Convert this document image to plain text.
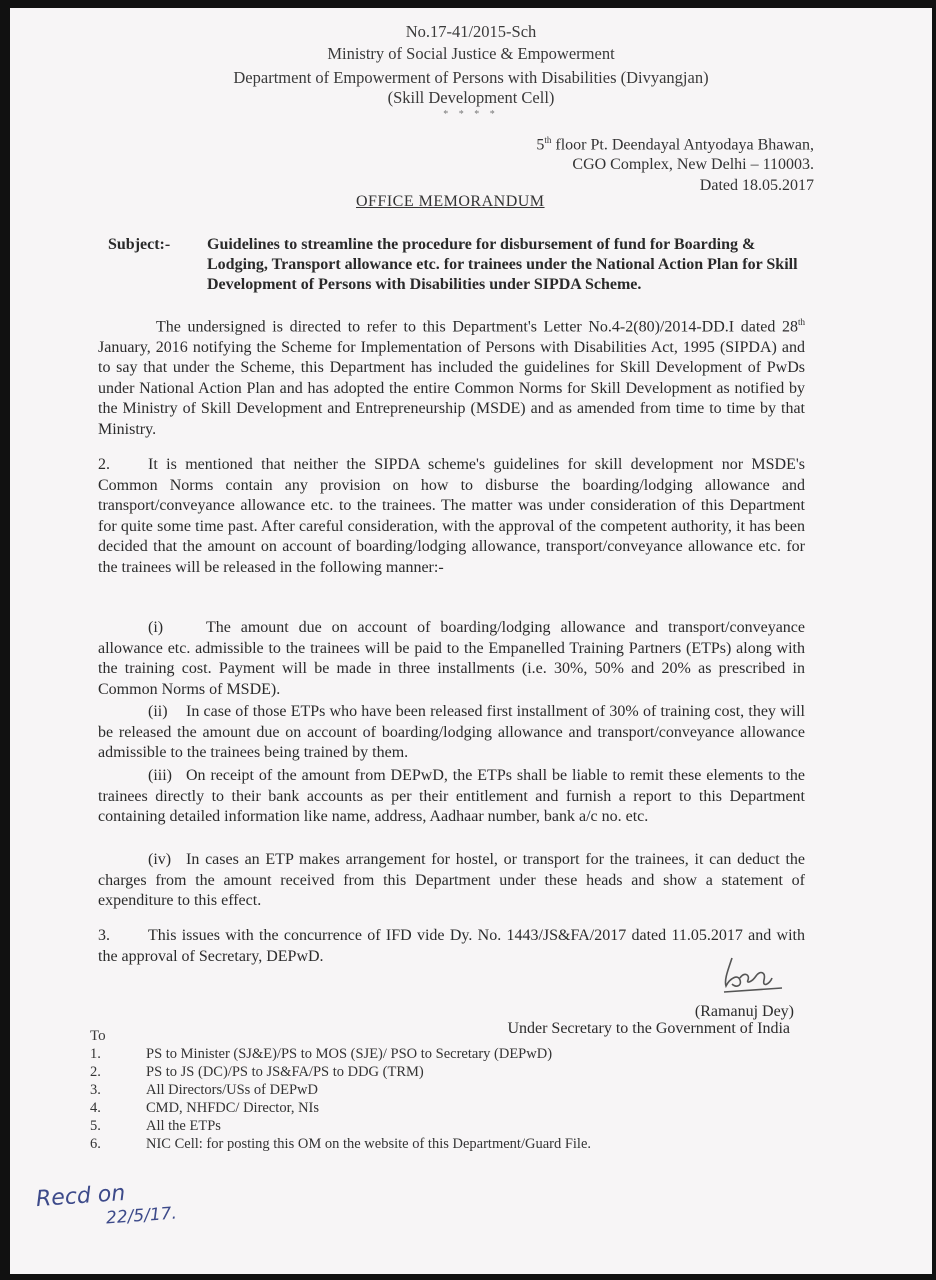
No.17-41/2015-Sch
Ministry of Social Justice & Empowerment
Department of Empowerment of Persons with Disabilities (Divyangjan)
(Skill Development Cell)
* * * *
5th floor Pt. Deendayal Antyodaya Bhawan,
CGO Complex, New Delhi – 110003.
Dated 18.05.2017
OFFICE MEMORANDUM
Subject:-	Guidelines to streamline the procedure for disbursement of fund for Boarding & Lodging, Transport allowance etc. for trainees under the National Action Plan for Skill Development of Persons with Disabilities under SIPDA Scheme.
The undersigned is directed to refer to this Department's Letter No.4-2(80)/2014-DD.I dated 28th January, 2016 notifying the Scheme for Implementation of Persons with Disabilities Act, 1995 (SIPDA) and to say that under the Scheme, this Department has included the guidelines for Skill Development of PwDs under National Action Plan and has adopted the entire Common Norms for Skill Development as notified by the Ministry of Skill Development and Entrepreneurship (MSDE) and as amended from time to time by that Ministry.
2. It is mentioned that neither the SIPDA scheme's guidelines for skill development nor MSDE's Common Norms contain any provision on how to disburse the boarding/lodging allowance and transport/conveyance allowance etc. to the trainees. The matter was under consideration of this Department for quite some time past. After careful consideration, with the approval of the competent authority, it has been decided that the amount on account of boarding/lodging allowance, transport/conveyance allowance etc. for the trainees will be released in the following manner:-
(i)	The amount due on account of boarding/lodging allowance and transport/conveyance allowance etc. admissible to the trainees will be paid to the Empanelled Training Partners (ETPs) along with the training cost. Payment will be made in three installments (i.e. 30%, 50% and 20% as prescribed in Common Norms of MSDE).
(ii) In case of those ETPs who have been released first installment of 30% of training cost, they will be released the amount due on account of boarding/lodging allowance and transport/conveyance allowance admissible to the trainees being trained by them.
(iii) On receipt of the amount from DEPwD, the ETPs shall be liable to remit these elements to the trainees directly to their bank accounts as per their entitlement and furnish a report to this Department containing detailed information like name, address, Aadhaar number, bank a/c no. etc.
(iv) In cases an ETP makes arrangement for hostel, or transport for the trainees, it can deduct the charges from the amount received from this Department under these heads and show a statement of expenditure to this effect.
3. This issues with the concurrence of IFD vide Dy. No. 1443/JS&FA/2017 dated 11.05.2017 and with the approval of Secretary, DEPwD.
(Ramanuj Dey)
Under Secretary to the Government of India
To
1.	PS to Minister (SJ&E)/PS to MOS (SJE)/ PSO to Secretary (DEPwD)
2.	PS to JS (DC)/PS to JS&FA/PS to DDG (TRM)
3.	All Directors/USs of DEPwD
4.	CMD, NHFDC/ Director, NIs
5.	All the ETPs
6.	NIC Cell: for posting this OM on the website of this Department/Guard File.
Recd on
22/5/17.
